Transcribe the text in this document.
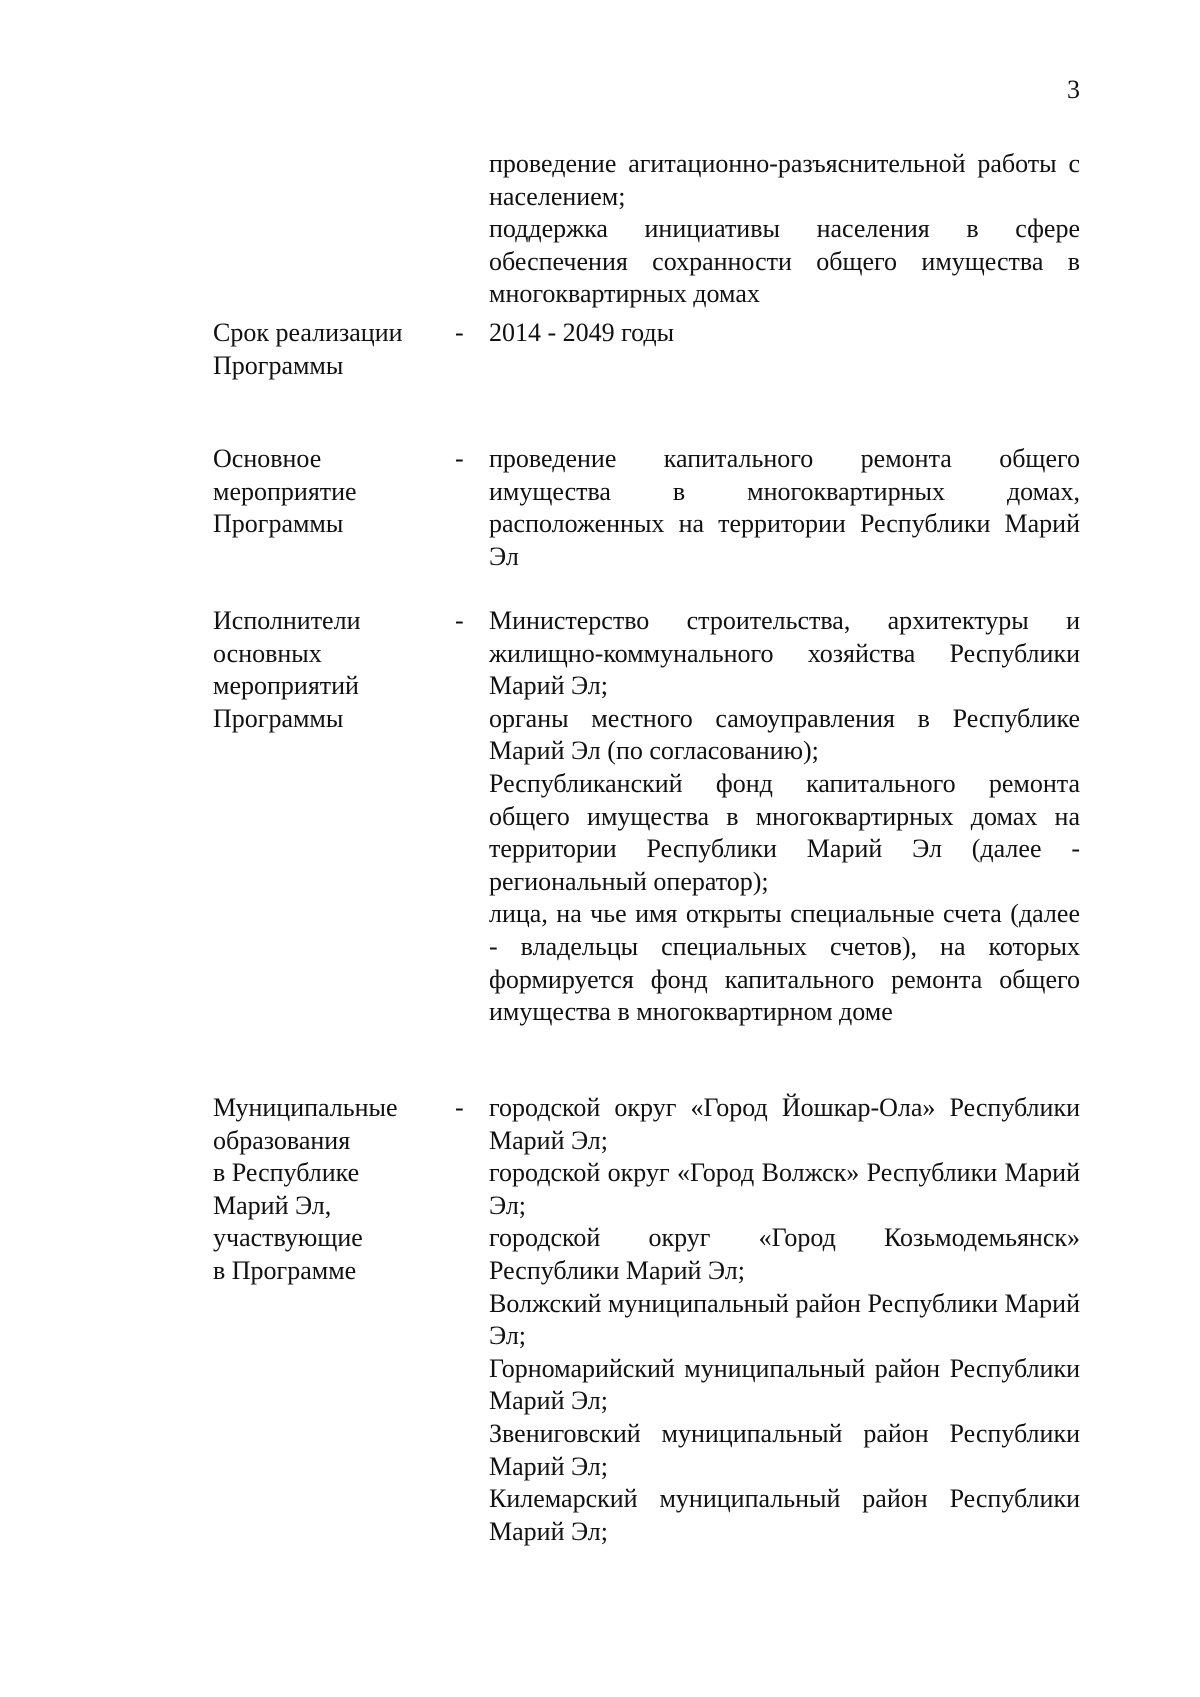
3

проведение агитационно-разъяснительной работы с населением;

поддержка инициативы населения в сфере обеспечения сохранности общего имущества в многоквартирных домах

Срок реализации
Программы
- 2014 - 2049 годы

Основное
мероприятие
Программы
- проведение капитального ремонта общего имущества в многоквартирных домах, расположенных на территории Республики Марий Эл

Исполнители
основных
мероприятий
Программы
- Министерство строительства, архитектуры и жилищно-коммунального хозяйства Республики Марий Эл;

органы местного самоуправления в Республике Марий Эл (по согласованию);

Республиканский фонд капитального ремонта общего имущества в многоквартирных домах на территории Республики Марий Эл (далее - региональный оператор);

лица, на чье имя открыты специальные счета (далее - владельцы специальных счетов), на которых формируется фонд капитального ремонта общего имущества в многоквартирном доме

Муниципальные
образования
в Республике
Марий Эл,
участвующие
в Программе
- городской округ «Город Йошкар-Ола» Республики Марий Эл;

городской округ «Город Волжск» Республики Марий Эл;

городской округ «Город Козьмодемьянск» Республики Марий Эл;

Волжский муниципальный район Республики Марий Эл;

Горномарийский муниципальный район Республики Марий Эл;

Звениговский муниципальный район Республики Марий Эл;

Килемарский муниципальный район Республики Марий Эл;
